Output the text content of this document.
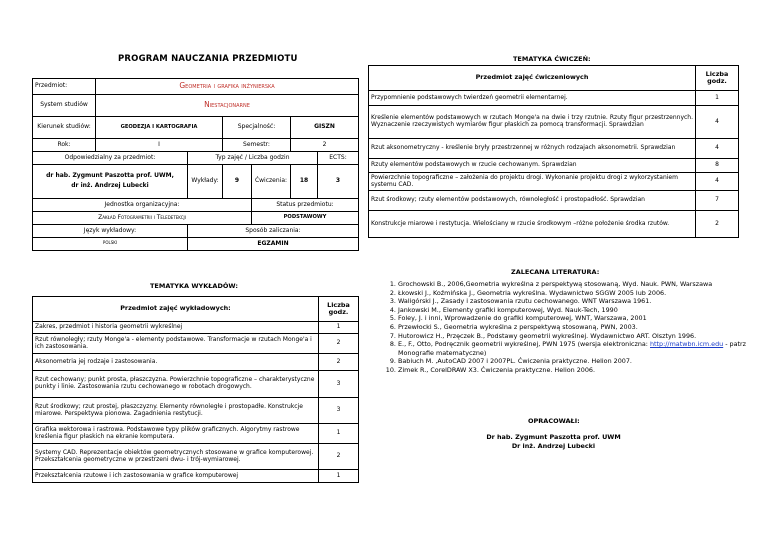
PROGRAM NAUCZANIA PRZEDMIOTU
Przedmiot:	Geometria i grafika inżynierska					
System studiów	Niestacjonarne					
Kierunek studiów:	GEODEZJA I KARTOGRAFIA		Specjalność:		GISZN	
Rok:	I		Semestr:		2	
Odpowiedzialny za przedmiot:		Typ zajęć / Liczba godzin				ECTS:

dr hab. Zygmunt Paszotta prof. UWM,
dr inż. Andrzej Lubecki		Wykłady:	9	Ćwiczenia:	18	3
Jednostka organizacyjna:				Status przedmiotu:		
Zakład Fotogrametrii i Teledetekcji				PODSTAWOWY		
Język wykładowy:		Sposób zaliczania:				
polski		EGZAMIN				
TEMATYKA WYKŁADÓW:
Przedmiot zajęć wykładowych:	Liczba godz.
Zakres, przedmiot i historia geometrii wykreślnej	1
Rzut równoległy; rzuty Monge'a - elementy podstawowe. Transformacje w rzutach Monge'a i ich zastosowania.	2
Aksonometria jej rodzaje i zastosowania.	2
Rzut cechowany; punkt prosta, płaszczyzna. Powierzchnie topograficzne – charakterystyczne punkty i linie. Zastosowania rzutu cechowanego w robotach drogowych.	3
Rzut środkowy; rzut prostej, płaszczyzny. Elementy równoległe i prostopadłe. Konstrukcje miarowe. Perspektywa pionowa. Zagadnienia restytucji.	3
Grafika wektorowa i rastrowa. Podstawowe typy plików graficznych. Algorytmy rastrowe kreślenia figur płaskich na ekranie komputera.	1
Systemy CAD. Reprezentacje obiektów geometrycznych stosowane w grafice komputerowej. Przekształcenia geometryczne w przestrzeni dwu- i trój-wymiarowej.	2
Przekształcenia rzutowe i ich zastosowania w grafice komputerowej	1
TEMATYKA ĆWICZEŃ:
Przedmiot zajęć ćwiczeniowych	Liczba godz.
Przypomnienie podstawowych twierdzeń geometrii elementarnej.	1
Kreślenie elementów podstawowych w rzutach Monge'a na dwie i trzy rzutnie. Rzuty figur przestrzennych. Wyznaczenie rzeczywistych wymiarów figur płaskich za pomocą transformacji. Sprawdzian	4
Rzut aksonometryczny - kreślenie bryły przestrzennej w różnych rodzajach aksonometrii. Sprawdzian	4
Rzuty elementów podstawowych w rzucie cechowanym. Sprawdzian	8
Powierzchnie topograficzne – założenia do projektu drogi. Wykonanie projektu drogi z wykorzystaniem systemu CAD.	4
Rzut środkowy; rzuty elementów podstawowych, równoległość i prostopadłość. Sprawdzian	7
Konstrukcje miarowe i restytucja. Wielościany w rzucie środkowym –różne położenie środka rzutów.	2
ZALECANA LITERATURA:
1. Grochowski B., 2006,Geometria wykreślna z perspektywą stosowaną, Wyd. Nauk. PWN, Warszawa
2. Łkowski J., Koźmińska J., Geometria wykreślna. Wydawnictwo SGGW 2005 lub 2006.
3. Waligórski J., Zasady i zastosowania rzutu cechowanego. WNT Warszawa 1961.
4. Jankowski M., Elementy grafiki komputerowej, Wyd. Nauk-Tech, 1990
5. Foley, J. i inni, Wprowadzenie do grafiki komputerowej, WNT, Warszawa, 2001
6. Przewłocki S., Geometria wykreślna z perspektywą stosowaną, PWN, 2003.
7. Hutorowicz H., Przęczek B., Podstawy geometrii wykreślnej. Wydawnictwo ART. Olsztyn 1996.
8. E., F., Otto, Podręcznik geometrii wykreślnej, PWN 1975 (wersja elektroniczna: http://matwbn.icm.edu - patrz Monografie matematyczne)
9. Babiuch M. ,AutoCAD 2007 i 2007PL. Ćwiczenia praktyczne. Helion 2007.
10. Zimek R., CorelDRAW X3. Ćwiczenia praktyczne. Helion 2006.
OPRACOWAŁI:
Dr hab. Zygmunt Paszotta prof. UWM
Dr inż. Andrzej Lubecki
